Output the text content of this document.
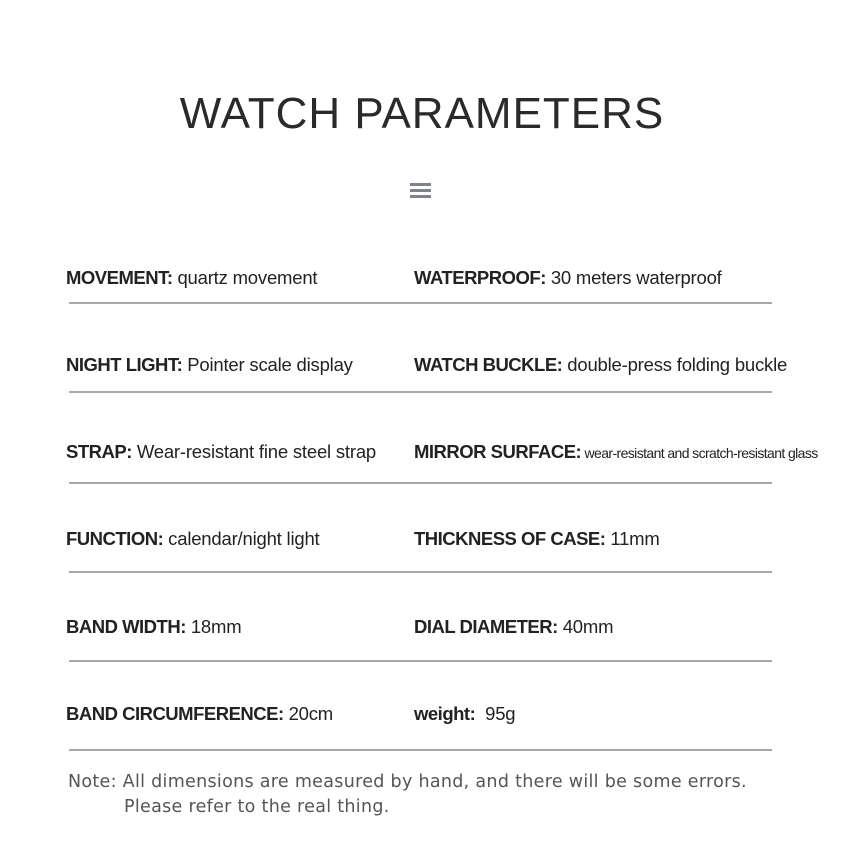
WATCH PARAMETERS
MOVEMENT: quartz movement	WATERPROOF: 30 meters waterproof
NIGHT LIGHT: Pointer scale display	WATCH BUCKLE: double-press folding buckle
STRAP: Wear-resistant fine steel strap MIRROR SURFACE: wear-resistant and scratch-resistant glass
FUNCTION: calendar/night light	THICKNESS OF CASE: 11mm
BAND WIDTH: 18mm	DIAL DIAMETER: 40mm
BAND CIRCUMFERENCE: 20cm	weight:  95g
Note: All dimensions are measured by hand, and there will be some errors.
Please refer to the real thing.
